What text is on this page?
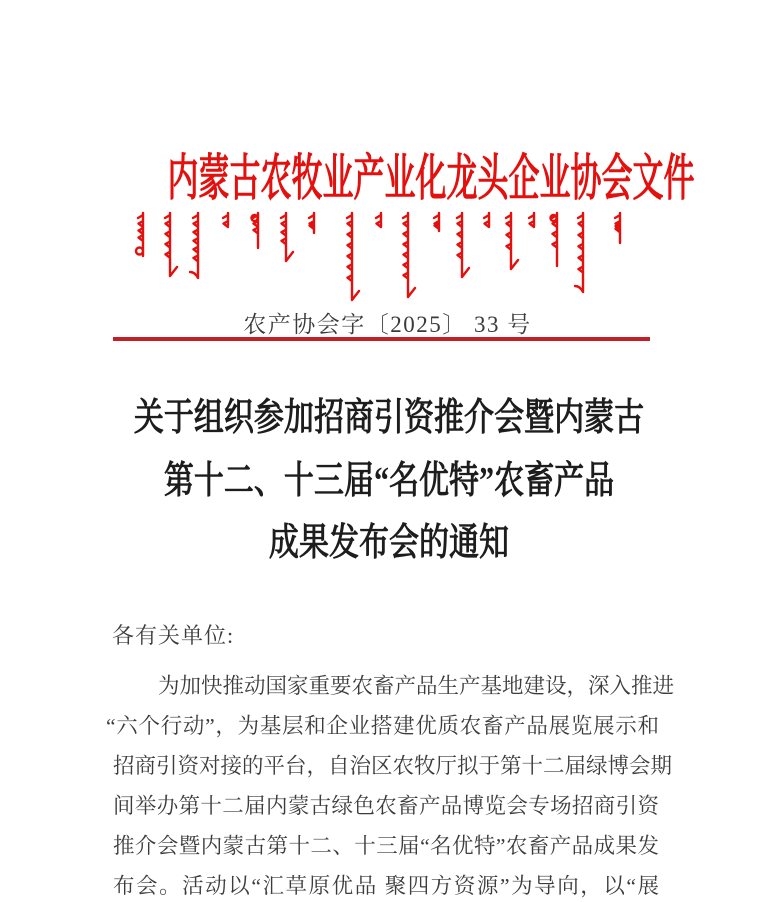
内蒙古农牧业产业化龙头企业协会文件
农产协会字〔2025〕 33 号
关于组织参加招商引资推介会暨内蒙古
第十二、十三届“名优特”农畜产品
成果发布会的通知
各有关单位:
为加快推动国家重要农畜产品生产基地建设，深入推进
“六个行动”，为基层和企业搭建优质农畜产品展览展示和
招商引资对接的平台，自治区农牧厅拟于第十二届绿博会期
间举办第十二届内蒙古绿色农畜产品博览会专场招商引资
推介会暨内蒙古第十二、十三届“名优特”农畜产品成果发
布会。活动以“汇草原优品 聚四方资源”为导向，以“展
